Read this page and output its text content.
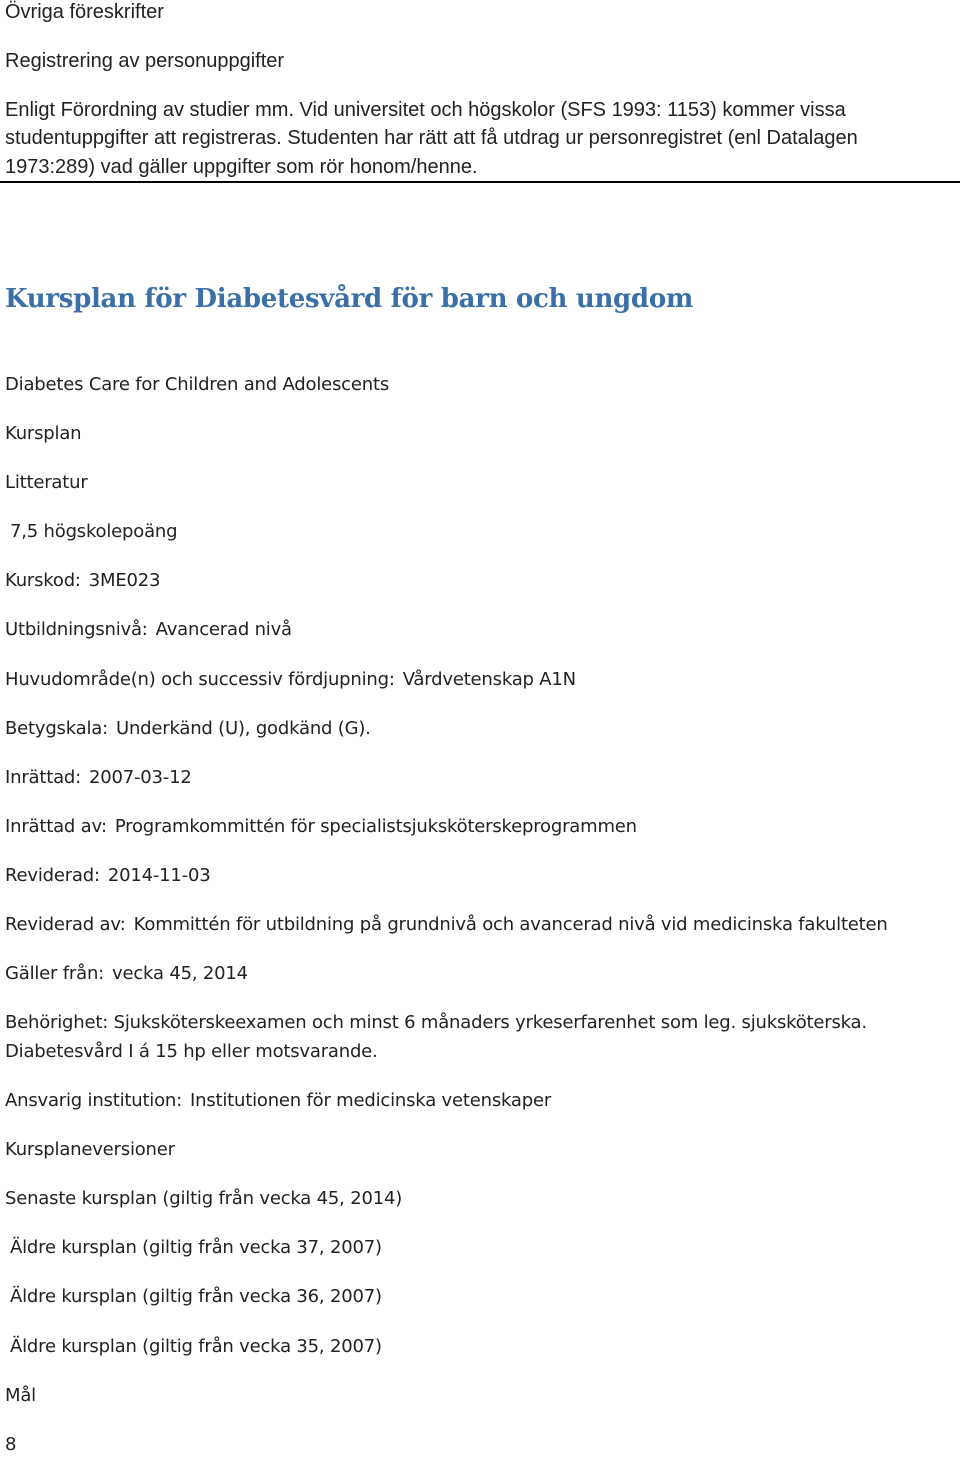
Övriga föreskrifter
Registrering av personuppgifter
Enligt Förordning av studier mm. Vid universitet och högskolor (SFS 1993: 1153) kommer vissa
studentuppgifter att registreras. Studenten har rätt att få utdrag ur personregistret (enl Datalagen
1973:289) vad gäller uppgifter som rör honom/henne.
Kursplan för Diabetesvård för barn och ungdom
Diabetes Care for Children and Adolescents
Kursplan
Litteratur
7,5 högskolepoäng
Kurskod: 3ME023
Utbildningsnivå: Avancerad nivå
Huvudområde(n) och successiv fördjupning: Vårdvetenskap A1N
Betygskala: Underkänd (U), godkänd (G).
Inrättad: 2007-03-12
Inrättad av: Programkommittén för specialistsjuksköterskeprogrammen
Reviderad: 2014-11-03
Reviderad av: Kommittén för utbildning på grundnivå och avancerad nivå vid medicinska fakulteten
Gäller från: vecka 45, 2014
Behörighet: Sjuksköterskeexamen och minst 6 månaders yrkeserfarenhet som leg. sjuksköterska.
Diabetesvård I á 15 hp eller motsvarande.
Ansvarig institution: Institutionen för medicinska vetenskaper
Kursplaneversioner
Senaste kursplan (giltig från vecka 45, 2014)
Äldre kursplan (giltig från vecka 37, 2007)
Äldre kursplan (giltig från vecka 36, 2007)
Äldre kursplan (giltig från vecka 35, 2007)
Mål
8
